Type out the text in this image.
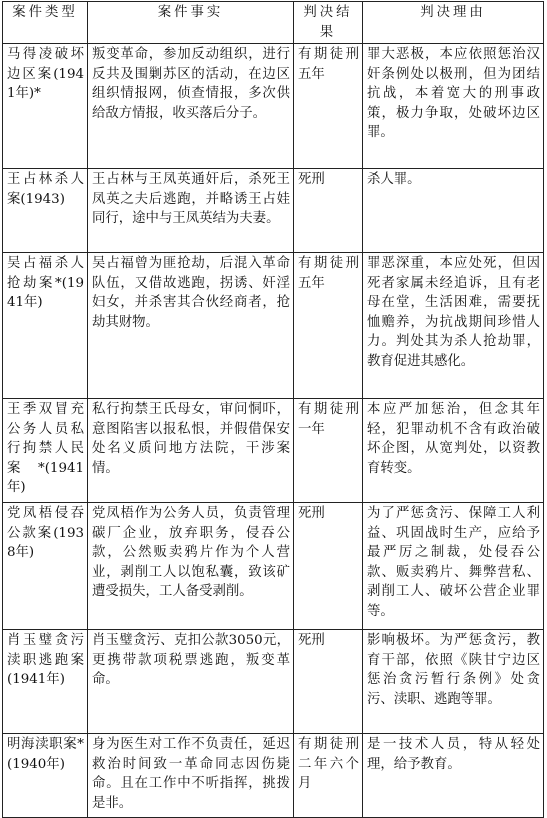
案件类型	案件事实	判决结果	判决理由
马得凌破坏边区案(1941年)*	叛变革命，参加反动组织，进行反共及围剿苏区的活动，在边区组织情报网，侦查情报，多次供给敌方情报，收买落后分子。	有期徒刑五年	罪大恶极，本应依照惩治汉奸条例处以极刑，但为团结抗战，本着宽大的刑事政策，极力争取，处破坏边区罪。
王占林杀人案(1943)	王占林与王凤英通奸后，杀死王凤英之夫后逃跑，并略诱王占娃同行，途中与王凤英结为夫妻。	死刑	杀人罪。
吴占福杀人抢劫案*(1941年)	吴占福曾为匪抢劫，后混入革命队伍，又借故逃跑，拐诱、奸淫妇女，并杀害其合伙经商者，抢劫其财物。	有期徒刑五年	罪恶深重，本应处死，但因死者家属未经追诉，且有老母在堂，生活困难，需要抚恤赡养，为抗战期间珍惜人力。判处其为杀人抢劫罪，教育促进其感化。
王季双冒充公务人员私行拘禁人民案*(1941年)	私行拘禁王氏母女，审问恫吓，意图陷害以报私恨，并假借保安处名义质问地方法院，干涉案情。	有期徒刑一年	本应严加惩治，但念其年轻，犯罪动机不含有政治破坏企图，从宽判处，以资教育转变。
党凤梧侵吞公款案(1938年)	党凤梧作为公务人员，负责管理碳厂企业，放弃职务，侵吞公款，公然贩卖鸦片作为个人营业，剥削工人以饱私囊，致该矿遭受损失，工人备受剥削。	死刑	为了严惩贪污、保障工人利益、巩固战时生产，应给予最严厉之制裁，处侵吞公款、贩卖鸦片、舞弊营私、剥削工人、破坏公营企业罪等。
肖玉璧贪污渎职逃跑案(1941年)	肖玉璧贪污、克扣公款3050元，更携带款项税票逃跑，叛变革命。	死刑	影响极坏。为严惩贪污，教育干部，依照《陕甘宁边区惩治贪污暂行条例》处贪污、渎职、逃跑等罪。
明海渎职案*(1940年)	身为医生对工作不负责任，延迟救治时间致一革命同志因伤毙命。且在工作中不听指挥，挑拨是非。	有期徒刑二年六个月	是一技术人员，特从轻处理，给予教育。
